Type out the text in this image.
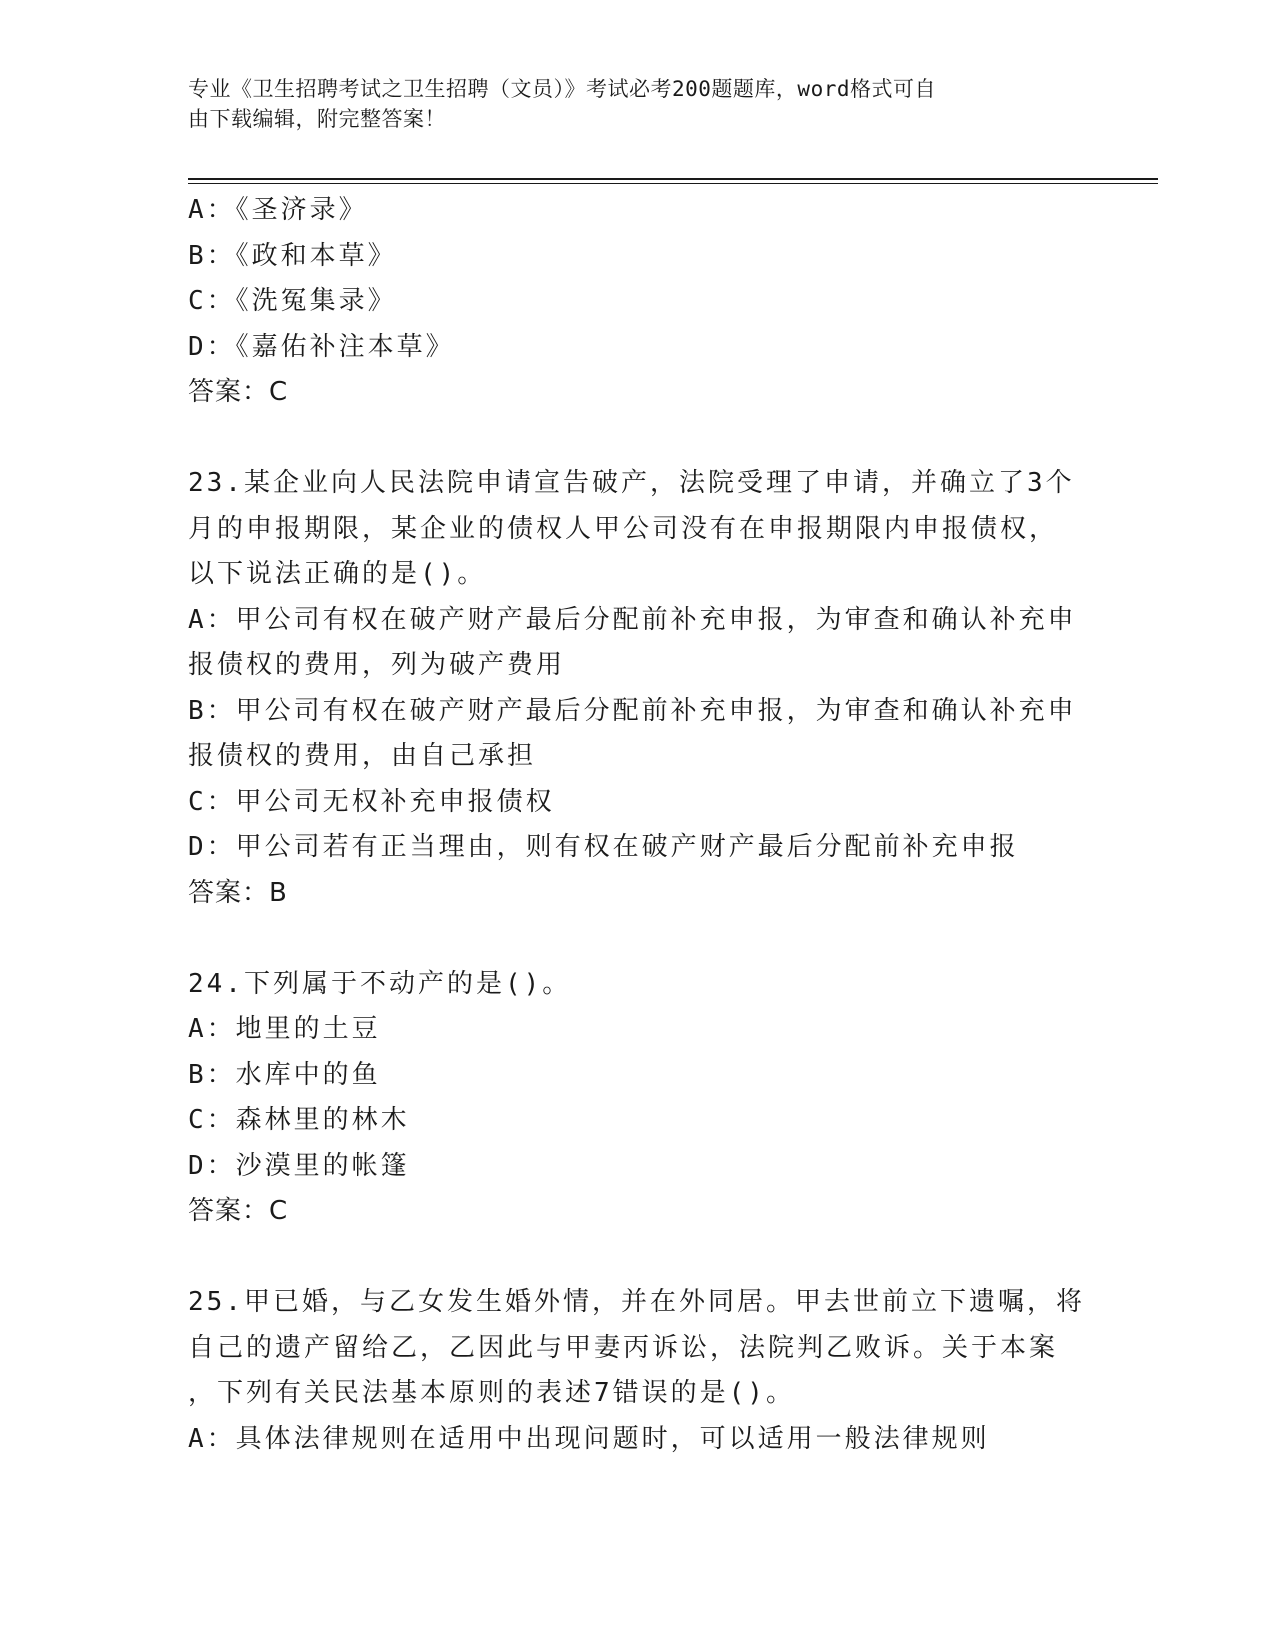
专业《卫生招聘考试之卫生招聘（文员）》考试必考200题题库，word格式可自
由下载编辑，附完整答案！
A：《圣济录》
B：《政和本草》
C：《洗冤集录》
D：《嘉佑补注本草》
答案：C
23.某企业向人民法院申请宣告破产，法院受理了申请，并确立了3个
月的申报期限，某企业的债权人甲公司没有在申报期限内申报债权，
以下说法正确的是()。
A：甲公司有权在破产财产最后分配前补充申报，为审查和确认补充申
报债权的费用，列为破产费用
B：甲公司有权在破产财产最后分配前补充申报，为审查和确认补充申
报债权的费用，由自己承担
C：甲公司无权补充申报债权
D：甲公司若有正当理由，则有权在破产财产最后分配前补充申报
答案：B
24.下列属于不动产的是()。
A：地里的土豆
B：水库中的鱼
C：森林里的林木
D：沙漠里的帐篷
答案：C
25.甲已婚，与乙女发生婚外情，并在外同居。甲去世前立下遗嘱，将
自己的遗产留给乙，乙因此与甲妻丙诉讼，法院判乙败诉。关于本案
，下列有关民法基本原则的表述7错误的是()。
A：具体法律规则在适用中出现问题时，可以适用一般法律规则
